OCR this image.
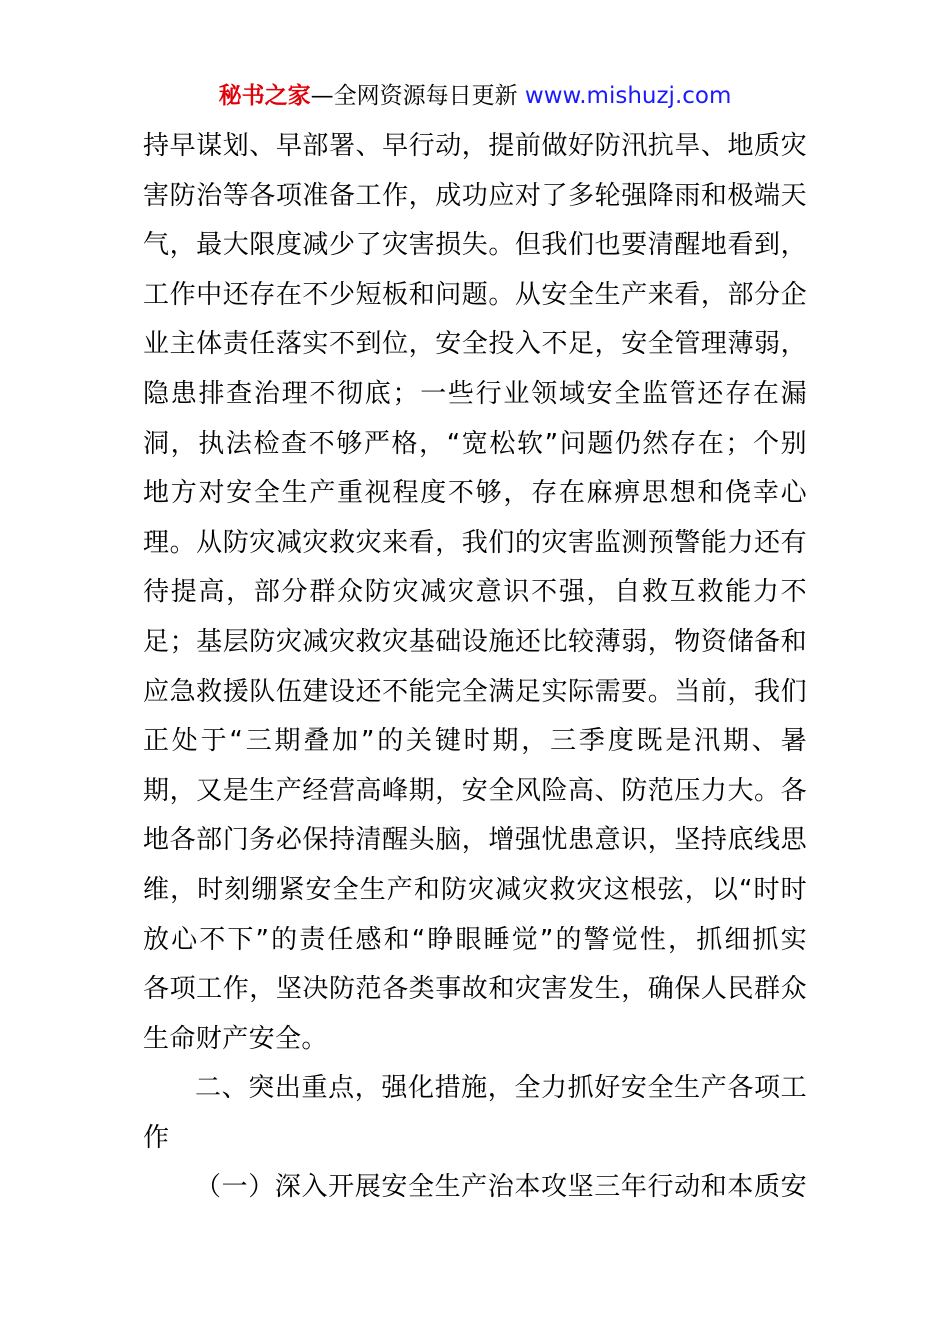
秘书之家—全网资源每日更新 www.mishuzj.com
持早谋划、早部署、早行动，提前做好防汛抗旱、地质灾
害防治等各项准备工作，成功应对了多轮强降雨和极端天
气，最大限度减少了灾害损失。但我们也要清醒地看到，
工作中还存在不少短板和问题。从安全生产来看，部分企
业主体责任落实不到位，安全投入不足，安全管理薄弱，
隐患排查治理不彻底；一些行业领域安全监管还存在漏
洞，执法检查不够严格，“宽松软”问题仍然存在；个别
地方对安全生产重视程度不够，存在麻痹思想和侥幸心
理。从防灾减灾救灾来看，我们的灾害监测预警能力还有
待提高，部分群众防灾减灾意识不强，自救互救能力不
足；基层防灾减灾救灾基础设施还比较薄弱，物资储备和
应急救援队伍建设还不能完全满足实际需要。当前，我们
正处于“三期叠加”的关键时期，三季度既是汛期、暑
期，又是生产经营高峰期，安全风险高、防范压力大。各
地各部门务必保持清醒头脑，增强忧患意识，坚持底线思
维，时刻绷紧安全生产和防灾减灾救灾这根弦，以“时时
放心不下”的责任感和“睁眼睡觉”的警觉性，抓细抓实
各项工作，坚决防范各类事故和灾害发生，确保人民群众
生命财产安全。
二、突出重点，强化措施，全力抓好安全生产各项工
作
（一）深入开展安全生产治本攻坚三年行动和本质安
